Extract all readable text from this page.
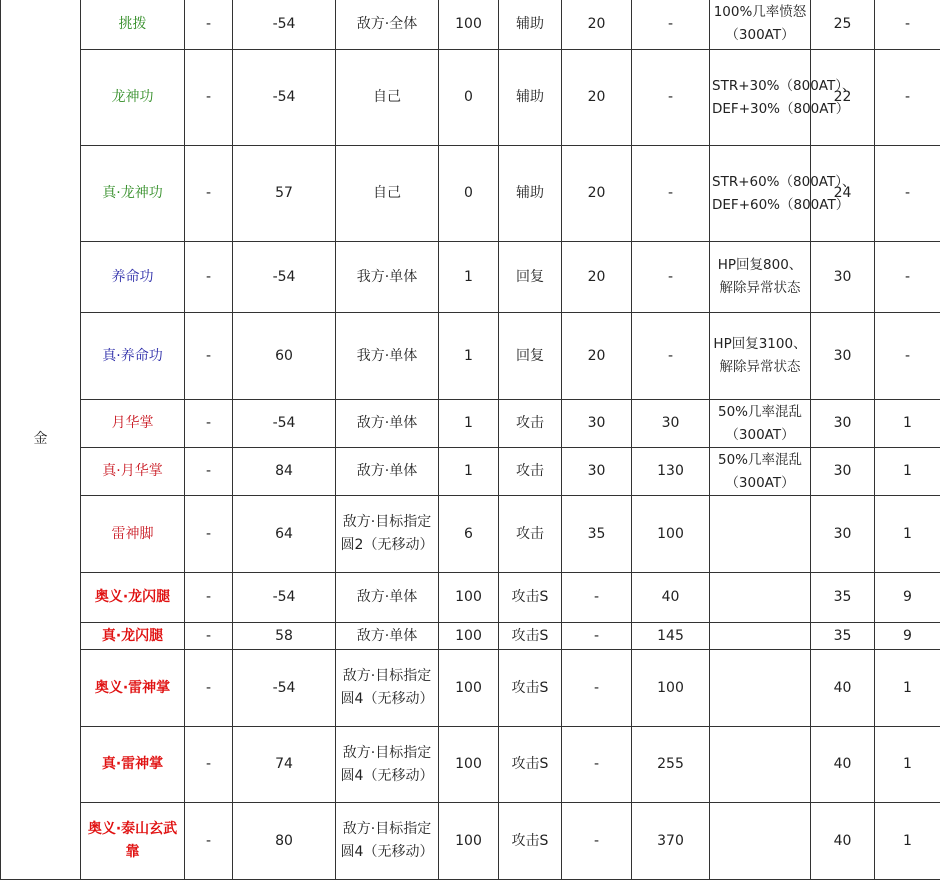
金	挑拨	-	-54	敌方·全体	100	辅助	20	-	100%几率愤怒（300AT）	25	-
	龙神功	-	-54	自己	0	辅助	20	-	STR+30%（800AT）、DEF+30%（800AT）	22	-
	真·龙神功	-	57	自己	0	辅助	20	-	STR+60%（800AT）、DEF+60%（800AT）	24	-
	养命功	-	-54	我方·单体	1	回复	20	-	HP回复800、解除异常状态	30	-
	真·养命功	-	60	我方·单体	1	回复	20	-	HP回复3100、解除异常状态	30	-
	月华掌	-	-54	敌方·单体	1	攻击	30	30	50%几率混乱（300AT）	30	1
	真·月华掌	-	84	敌方·单体	1	攻击	30	130	50%几率混乱（300AT）	30	1
	雷神脚	-	64	敌方·目标指定圆2（无移动）	6	攻击	35	100		30	1
	奥义·龙闪腿	-	-54	敌方·单体	100	攻击S	-	40		35	9
	真·龙闪腿	-	58	敌方·单体	100	攻击S	-	145		35	9
	奥义·雷神掌	-	-54	敌方·目标指定圆4（无移动）	100	攻击S	-	100		40	1
	真·雷神掌	-	74	敌方·目标指定圆4（无移动）	100	攻击S	-	255		40	1
	奥义·泰山玄武靠	-	80	敌方·目标指定圆4（无移动）	100	攻击S	-	370		40	1
